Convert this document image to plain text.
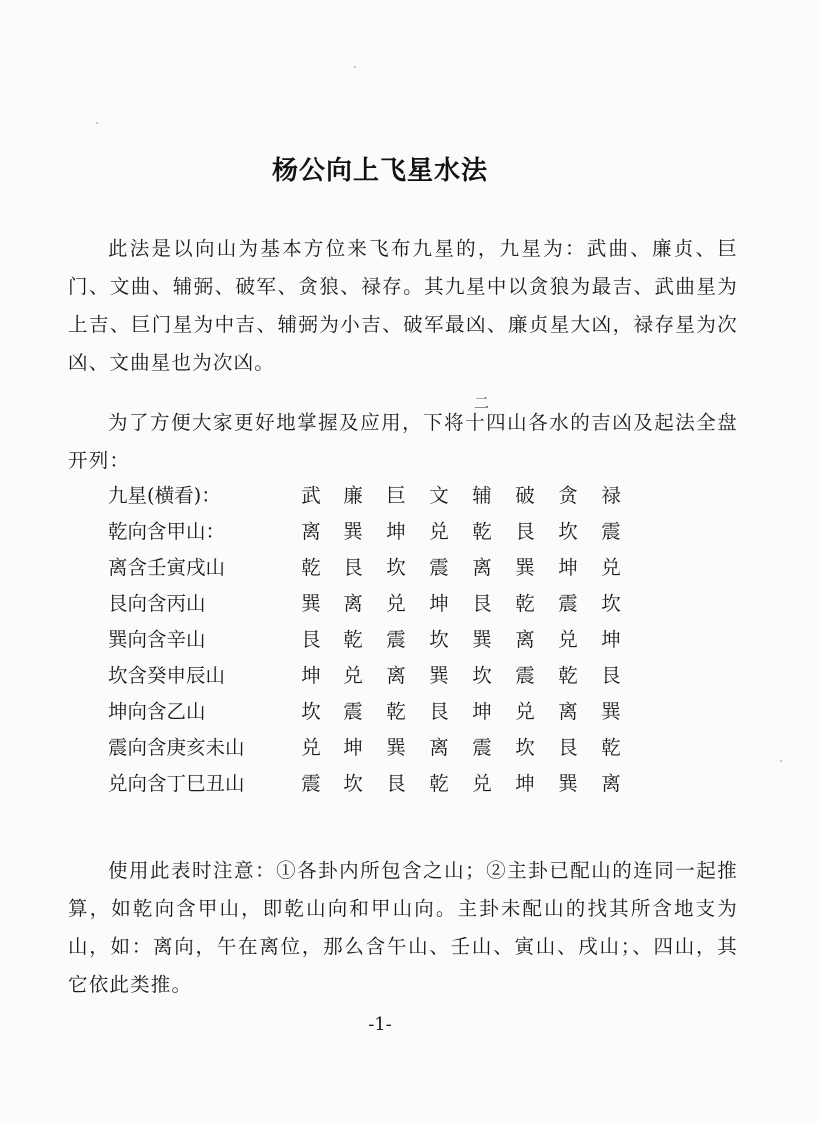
杨公向上飞星水法
此法是以向山为基本方位来飞布九星的，九星为：武曲、廉贞、巨门、文曲、辅弼、破军、贪狼、禄存。其九星中以贪狼为最吉、武曲星为上吉、巨门星为中吉、辅弼为小吉、破军最凶、廉贞星大凶，禄存星为次凶、文曲星也为次凶。
二
为了方便大家更好地掌握及应用，下将十四山各水的吉凶及起法全盘开列：
九星(横看)：	武 廉 巨 文 辅 破 贪 禄
乾向含甲山：	离 巽 坤 兑 乾 艮 坎 震
离含壬寅戌山	乾 艮 坎 震 离 巽 坤 兑
艮向含丙山	巽 离 兑 坤 艮 乾 震 坎
巽向含辛山	艮 乾 震 坎 巽 离 兑 坤
坎含癸申辰山	坤 兑 离 巽 坎 震 乾 艮
坤向含乙山	坎 震 乾 艮 坤 兑 离 巽
震向含庚亥未山	兑 坤 巽 离 震 坎 艮 乾
兑向含丁巳丑山	震 坎 艮 乾 兑 坤 巽 离
使用此表时注意：①各卦内所包含之山；②主卦已配山的连同一起推算，如乾向含甲山，即乾山向和甲山向。主卦未配山的找其所含地支为山，如：离向，午在离位，那么含午山、壬山、寅山、戌山；、四山，其它依此类推。
-1-
